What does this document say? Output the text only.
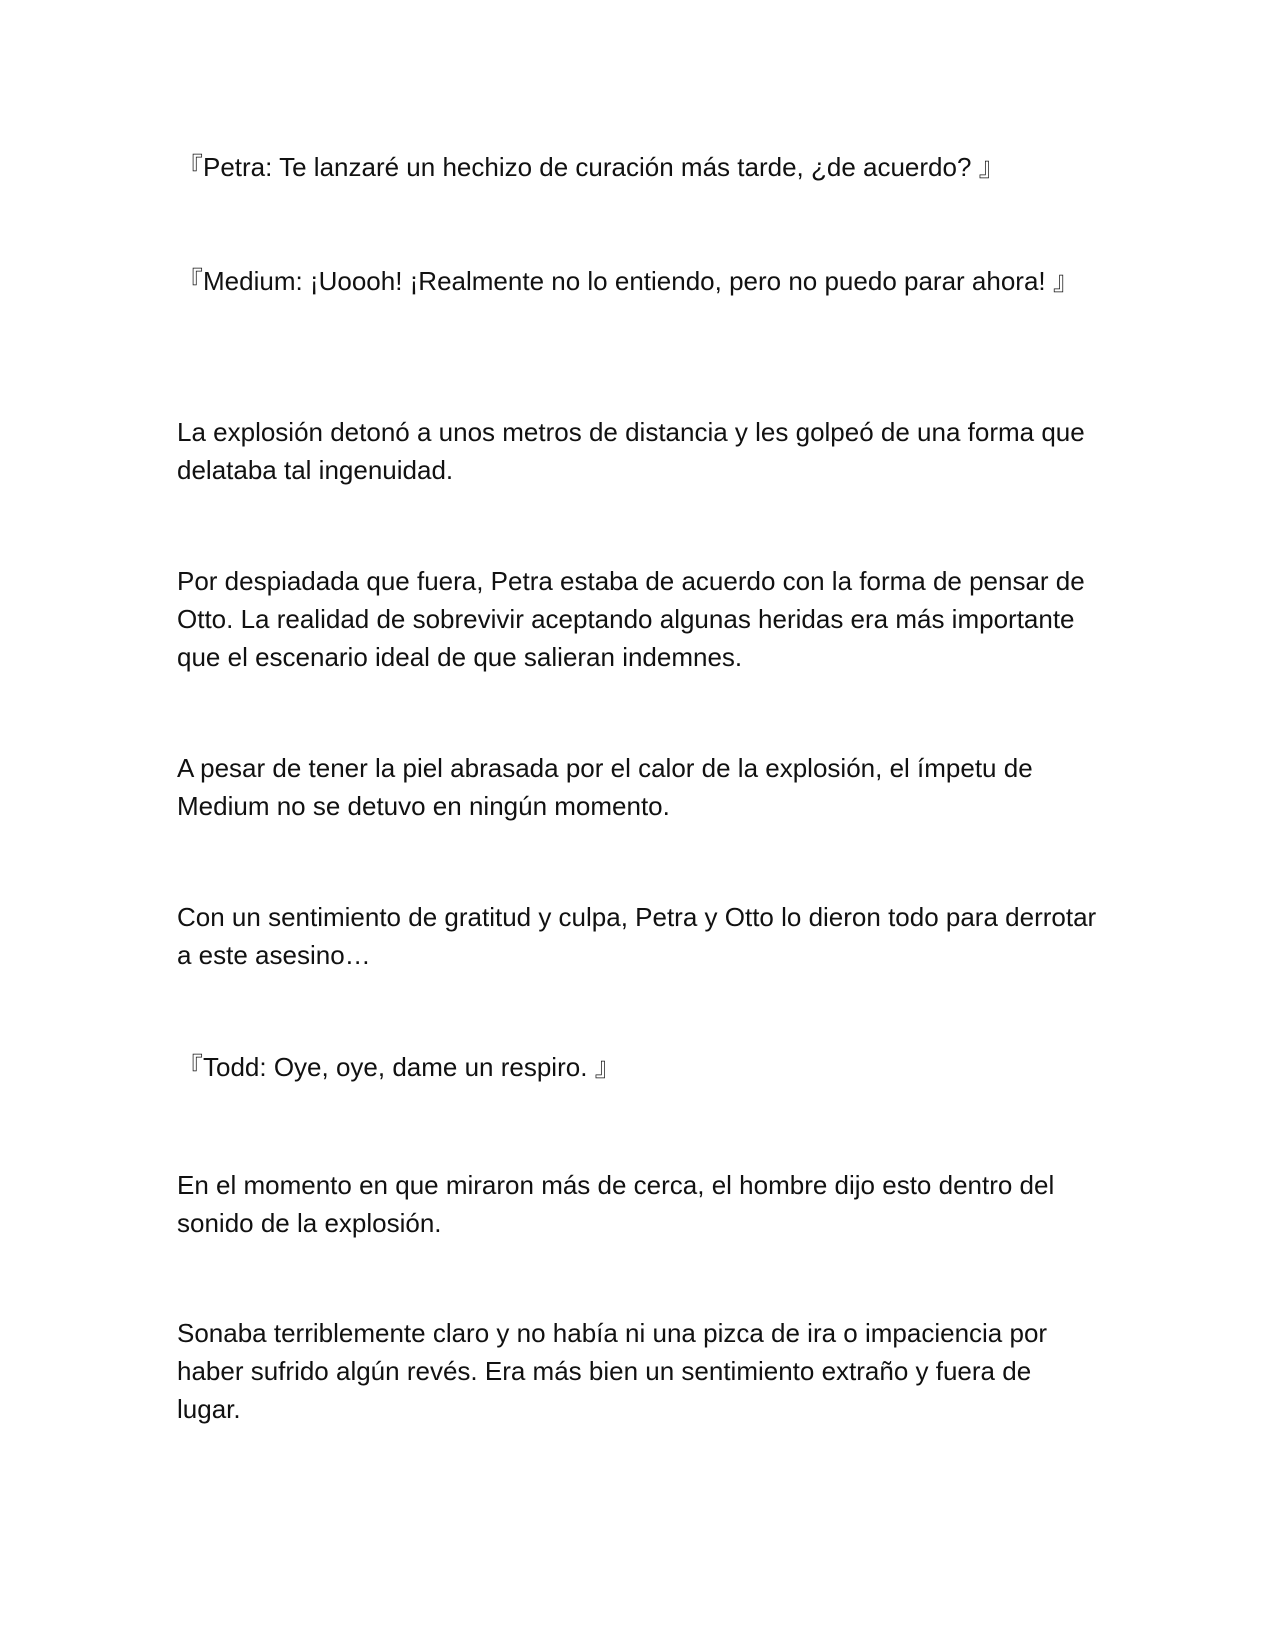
『Petra: Te lanzaré un hechizo de curación más tarde, ¿de acuerdo? 』

『Medium: ¡Uoooh! ¡Realmente no lo entiendo, pero no puedo parar ahora! 』

La explosión detonó a unos metros de distancia y les golpeó de una forma que delataba tal ingenuidad.

Por despiadada que fuera, Petra estaba de acuerdo con la forma de pensar de Otto. La realidad de sobrevivir aceptando algunas heridas era más importante que el escenario ideal de que salieran indemnes.

A pesar de tener la piel abrasada por el calor de la explosión, el ímpetu de Medium no se detuvo en ningún momento.

Con un sentimiento de gratitud y culpa, Petra y Otto lo dieron todo para derrotar a este asesino…

『Todd: Oye, oye, dame un respiro. 』

En el momento en que miraron más de cerca, el hombre dijo esto dentro del sonido de la explosión.

Sonaba terriblemente claro y no había ni una pizca de ira o impaciencia por haber sufrido algún revés. Era más bien un sentimiento extraño y fuera de lugar.
